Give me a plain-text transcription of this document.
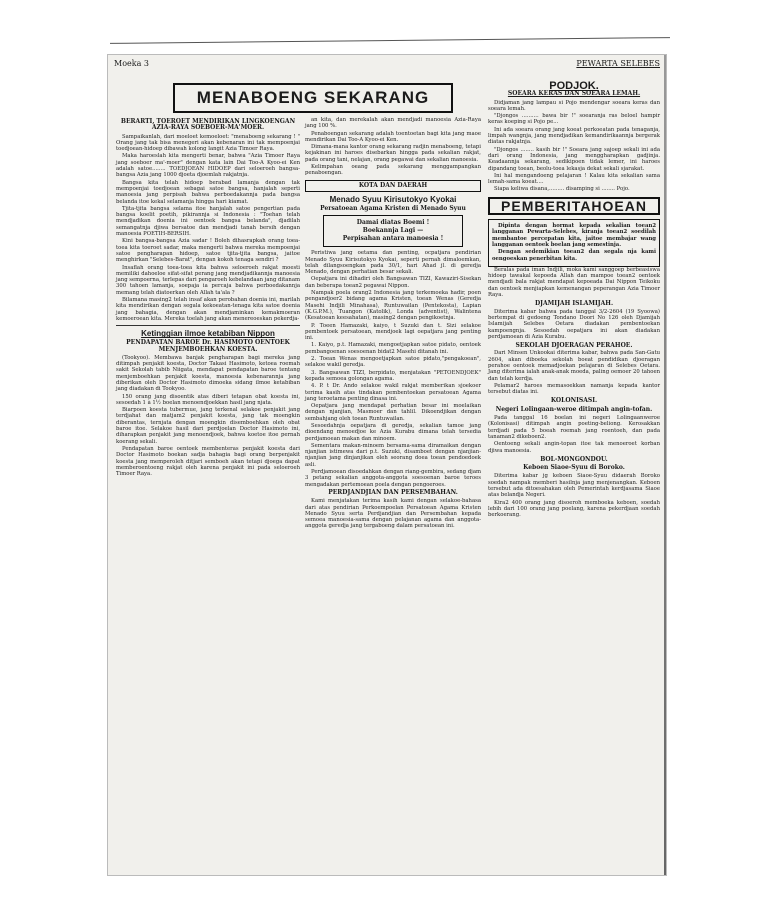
Moeka 3	PEWARTA SELEBES
MENABOENG SEKARANG
BERARTI, TOEROET MENDIRIKAN LINGKOENGAN AZIA-RAYA SOEBOER-MA'MOER.

Sampaikanlah, dari moeloet kemoeloet: "menaboeng sekarang ! " Orang jang tak bisa menegeri akan kebenaran ini tak mempoenjai toedjoean-hidoep dibawah kolong langit Azia Timoer Raya.

Maka haroeslah kita mengerti benar, bahwa "Azia Timoer Raya jang soeboer ma'-moer" dengan kata lain Dai Too-A Kyoo-ei Ken adalah satoe........ TOEDJOEAN HIDOEP dari seloeroeh bangsa-bangsa Azia jang 1000 djoeta djoemlah rakjatnja.

Bangsa kita telah hidoep berabad lamanja dengan tak mempoenjai toedjoean sebagai satoe bangsa, hanjalah seperti manoesia jang perpisah bahwa perboedakannja pada bangsa belanda itoe kekal selamanja hingga hari kiamat.

Tjita-tjita bangsa selama itoe hanjalah satoe pengertian pada bangsa koelit poetih, pikirannja si Indonesia : "Toehan telah mendjadikan doenia ini oentoek bangsa belanda", djadilah semangatnja djiwa bersatoe dan mendjadi tanah bersih dengan manoesia POETIH-BERSIH.

Kini bangsa-bangsa Azia sadar ! Boleh dihasrapkah orang toea-toea kita toeroet sadar, maka mengerti bahwa mereka mempoenjai satoe pengharapan hidoep, satoe tjita-tjita bangsa, jaitoe menghirkan "Selebes-Barat", dengan kokoh tenaga sendiri ?

Insaflah orang toea-toea kita bahwa seloeroeh rakjat moesti memiliki dahoeloe sifat-sifat perang jang mendjadikannja manoesia jang sempoerna, terlepas dari pengaroeh kebelandaan jang ditanam 300 tahoen lamanja, soepaja ia percaja bahwa perboedakannja memang telah diatoerkan oleh Allah ta'ala ?

Bilamana masing2 telah insaf akan perobahan doenia ini, marilah kita mendirikan dengan segala kekoeatan-tenaga kita satoe doenia jang bahagia, dengan akan mendjaminkan kemakmoeran kemoeroean kita. Mereka toelah jang akan menereoeskan pekerdja-

Ketinggian ilmoe ketabiban Nippon
PENDAPATAN BAROE Dr. HASIMOTO OENTOEK MENJEMBOEHKAN KOESTA.

(Tookyoo). Membawa banjak pengharapan bagi mereka jang ditimpah penjakit koesta, Doctor Takasi Hasimoto, ketoea roemah sakit Sekolah tabib Niigata, mendapat pendapatan baroe tentang menjemboehkan penjakit koesta, manoesia kebenarannja jang diberikan oleh Doctor Hasimoto dimoeka sidang ilmoe ketabiban jang diadakan di Tookyoo.

150 orang jang disoentik atas diberi tetapan obat koesta ini, sesoedah 1 à 1½ boelan menoendjoekkan hasil jang njata.

Biarpoen koesta tubermue, jang terkenal selakoe penjakit jang terdjahat dan matjam2 penjakit koesta, jang tak moengkin diberantas, ternjata dengan moengkin disemboehkan oleh obat baroe itoe. Selakoe hasil dari perdjoelan Doctor Hasimoto ini, diharapkan penjakit jang menoendjoek, bahwa koetoe itoe pernah koerang sekali.

Pendapatan baroe oentoek membenteras penjakit koesta dari Doctor Hasimoto boekan sadja bahagia bagi orang berpenjakit koesta jang memperoleh ditjari semboeh akan tetapi djoega dapat memberoentoeng rakjat oleh karena penjakit ini pada seloeroeh Timoer Raya.

an kita, dan merekalah akan mendjadi manoesia Azia-Raya jang 100 %.

Penaboengan sekarang adalah toentoetan bagi kita jang maoe mendirikan Dai Too-A Kyoo-ei Ken.

Dimana-mana kantor orang sekarang radjin menaboeng, tetapi kejakinan ini haroes disebarkan hingga pada sekalian rakjat, pada orang tani, nelajan, orang pegawai dan sekalian manoesia.

Kelimpahan oeang pada sekarang menggampangkan penaboengan.

KOTA DAN DAERAH
Menado Syuu Kirisutokyo Kyokai
Persatoean Agama Kristen di Menado Syuu
Damai diatas Boemi !
Boekannja Lagi —
Perpisahan antara manoesia !

Peristiwa jang oetama dan penting, ocpatjara pendirian Menado Syuu Kirisutokyo Kyokai, seperti pernah dimaloemkan, telah dilangsoengkan pada 30/1, hari Ahad jl. di geredja Menado, dengan perhatian besar sekali.

Oepatjara ini dihadiri oleh Bangsawan TIZI, Kawaziri-Sisekan dan beberapa toean2 pegawai Nippon.

Nampak poela orang2 Indonesia jang terkemoeka hadir, poen pengandjoer2 bidang agama Kristen, toean Wenas (Geredja Masehi Indjili Minahasa), Runtuwailan (Pentekosta), Lapian (K.G.P.M.), Tuangon (Katolik), Londa (adventist), Walintena (Kesatoean keesahatan), masing2 dengan pengikoetnja.

P. Toeen Hamazaki, kaiyo, t Suzuki dan t. Sizi selakoe pembentoek persatoean, mendjoek lagi oepatjara jang penting ini.

1. Kaiyo, p.t. Hamazaki, mengoetjapkan satoe pidato, oentoek pembangoenan soesoenan bidat2 Masehi ditanah ini.

2. Toean Wenas mengoetjapkan satoe pidato,"pengakoean", selakoe wakil geredja.

3. Bangsawan TIZI, berpidato, menjatakan "PETOENDJOEK" kepada semoea golongan agama.

4. P. t Dr. Ando selakoe wakil rakjat memberikan sjoekoer terima kasih atas tindakan pembentoekan persatoean Agama jang teroetama penting dinasa ini.

Oepatjara jang mendapat perhatian besar ini moelaikan dengan njanjian, Masmoer dan tahlil. Dikoendjikan dengan sembahjang oleh toean Runtuwailan.

Sesoedahnja oepatjara di geredja, sekalian tamoe jang dioendang menoedjoe ke Azia Kurabu dimana telah tersedia perdjamoean makan dan minoem.

Sementara makan-minoem bersama-sama diramaikan dengan njanjian istimewa dari p.t. Suzuki, disamboet dengan njanjian-njanjian jang dinjanjikan oleh seorang doea toean pendoedoek asli.

Perdjamoean disoedahkan dengan riang-gembira, sedang djam 3 petang sekalian anggota-anggota soesoenan baroe teroes mengadakan pertemoean poela dengan pengoeroes.

PERDJANDJIAN DAN PERSEMBAHAN.

Kami menjatakan terima kasih kami dengan selakoe-bahasa dari atas pendirian Perkoempoelan Persatoean Agama Kristen Menado Syuu serta Perdjandjian dan Persembahan kepada semoea manoesia-sama dengan pelajanan agama dan anggota-anggota geredja jang tergaboeng dalam persatoean ini.

PODJOK.
SOEARA KERAS DAN SOEARA LEMAH.

Didjaman jang lampau si Pojo mendengar soeara keras dan soeara lemah.

"Djongos .......... bawa bir !" soearanja ras beloel hampir keras koeping si Pojo pe...

Ini ada soeara orang jang koeat perkoeatan pada tenaganja, limpah wangnja, jang mendjadikan kemandirikaannja bergerak diatas rakjatnja.

"Djongos ........ kasih bir !" Soeara jang sajoep sekali ini ada dari orang Indonesia, jang menggharapkan gadjinja. Keadaannja sekarang, sedikipoen tidak lemer, ini haroes dipandang toean, beolu-toea lekasja dekat sekali sjarakat.

Ini hal mengandoeng pelajaran ! Kalau kita sekalian sama lemah-sama koeat....

Siapa keliwa disana,......... disamping si ........ Pojo.

PEMBERITAHOEAN

Dipinta dengan hormat kepada sekalian toean2 langganan Pewarta-Selebes, kiranja toean2 soedilah membantoe percepatan kita, jaitoe membajar wang langganan oentoek boelan jang semestinja.

Dengan sedemikian toean2 dan segala nja kami oengoeskan penerbitan kita.

Beralas pada iman Indjili, moka kami sanggoep berbeasiswa hidoep tawakal kepoeda Allah dan mampoe toean2 oentoek mendjadi bala rakjat mendapat kepoeada Dai Nippon Teikoku dan oentoek menjiapkan kemenangan peperangan Azia Timoer Raya.

DJAMIJAH ISLAMIJAH.

Diterima kabar bahwa pada tanggal 3/2-2604 (19 Syoowa) bertempat di gedoeng Tondano Doori No 126 oleh Djamijah Islamijah Selebes Oetara diadakan pembentoekan kampoengnja. Sesoedah oepatjara ini akan diadakan perdjamoean di Azia Kurabu.

SEKOLAH DJOERAGAN PERAHOE.

Dari Minsen Unkookai diterima kabar, bahwa pada San-Gatu 2604, akan diboeka sekolah boeat pendidikan djoeragan perahoe oentoek memadjoekan pelajaran di Selebes Oetara. Jang diterima ialah anak-anak moeda, paling oemoer 20 tahoen dan telah kerdja.

Pelamar2 haroes memasoekkan namanja kepada kantor tersebut diatas ini.

KOLONISASI.
Negeri Lolingaan-weroe ditimpah angin-tofan.

Pada tanggal 16 boelan ini negeri Lolingaanweroe (Kolonisasi) ditimpah angin poeting-beliong. Kerosakkan terdjadi pada 5 boeah roemah jang roentoeh, dan pada tanaman2 dikeboen2.

Oentoeng sekali angin-topan itoe tak menoeroet korban djiwa manoesia.

BOL-MONGONDOU.
Keboen Siaoe-Syuu di Boroko.

Diterima kabar jg keboen Siaoe-Syuu didaerah Boroko soedah nampak memberi hasilnja jang menjenangkan. Keboen tersebut ada ditoesahakan oleh Pemerintah kerdjasama Siaoe atas belandja Negeri.

Kira2 400 orang jang disoeroh memboeka keboen, soedah lebih dari 100 orang jang poelang, karena pekerdjaan soedah berkoerang.
